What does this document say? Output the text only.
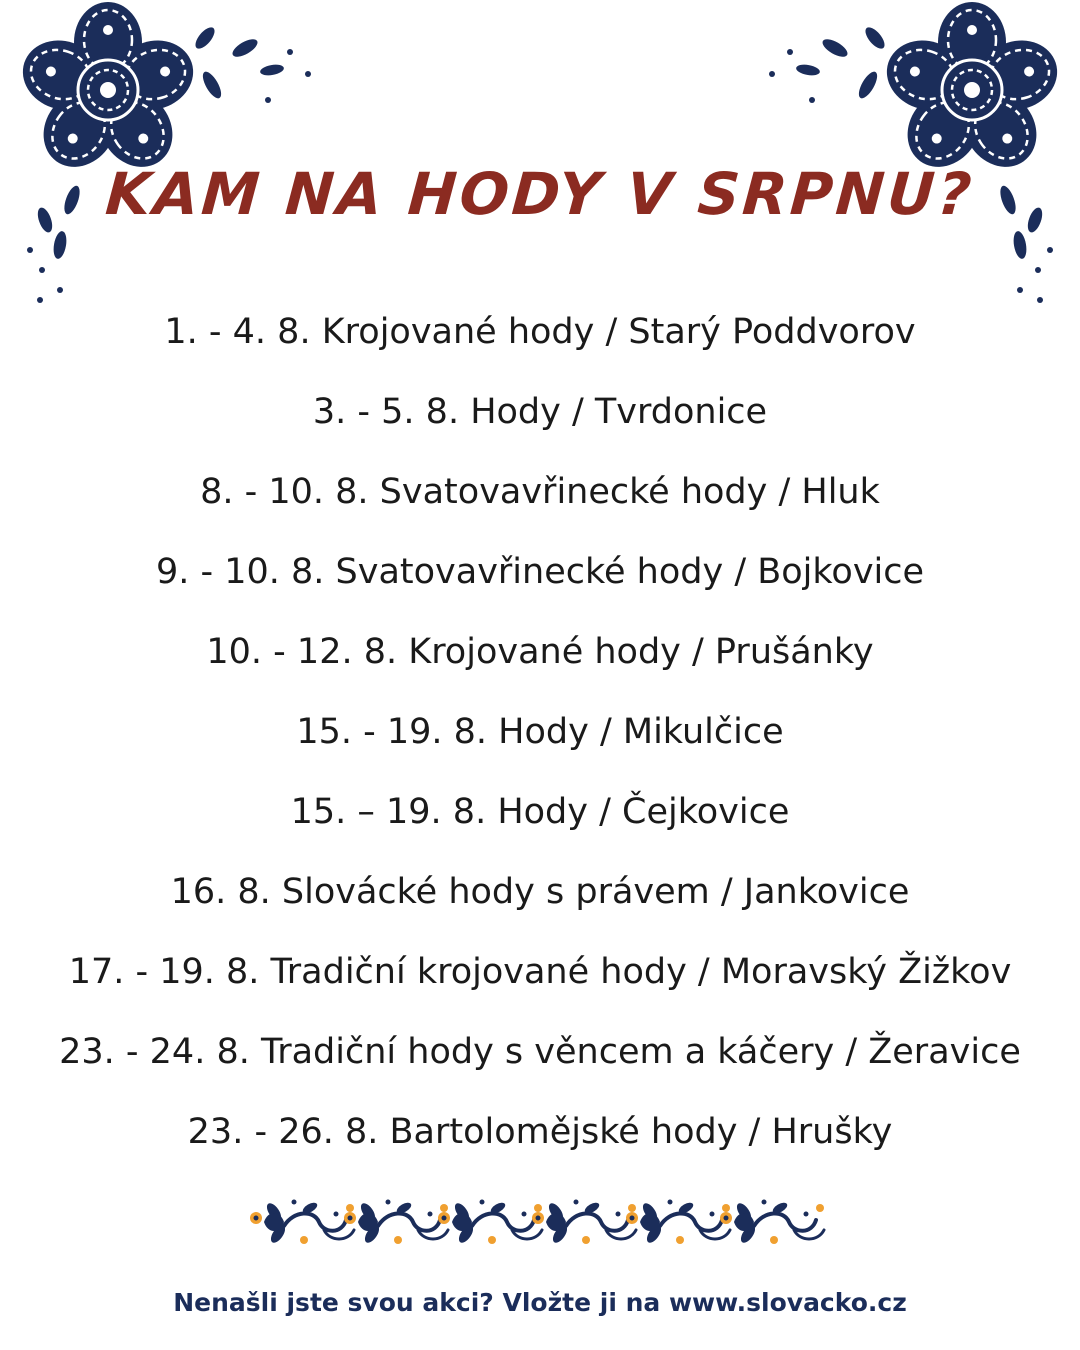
KAM NA HODY V SRPNU?
1. - 4. 8. Krojované hody / Starý Poddvorov
3. - 5. 8. Hody / Tvrdonice
8. - 10. 8. Svatovavřinecké hody / Hluk
9. - 10. 8. Svatovavřinecké hody / Bojkovice
10. - 12. 8. Krojované hody / Prušánky
15. - 19. 8. Hody / Mikulčice
15. – 19. 8. Hody / Čejkovice
16. 8. Slovácké hody s právem / Jankovice
17. - 19. 8. Tradiční krojované hody / Moravský Žižkov
23. - 24. 8. Tradiční hody s věncem a káčery / Žeravice
23. - 26. 8. Bartolomějské hody / Hrušky
Nenašli jste svou akci? Vložte ji na www.slovacko.cz
